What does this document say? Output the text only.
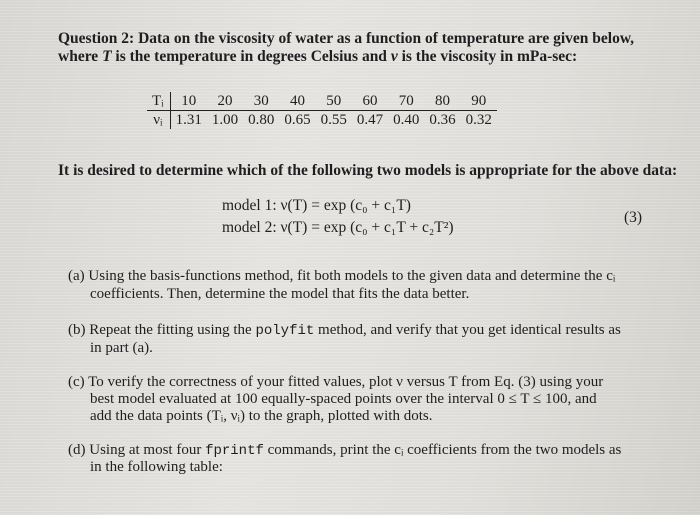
Question 2: Data on the viscosity of water as a function of temperature are given below,
where T is the temperature in degrees Celsius and ν is the viscosity in mPa-sec:
Tᵢ	10	20	30	40	50	60	70	80	90
νᵢ	1.31	1.00	0.80	0.65	0.55	0.47	0.40	0.36	0.32
It is desired to determine which of the following two models is appropriate for the above data:
model 1: ν(T) = exp (c₀ + c₁T)
model 2: ν(T) = exp (c₀ + c₁T + c₂T²)
(3)
(a) Using the basis-functions method, fit both models to the given data and determine the cᵢ
coefficients. Then, determine the model that fits the data better.
(b) Repeat the fitting using the polyfit method, and verify that you get identical results as
in part (a).
(c) To verify the correctness of your fitted values, plot ν versus T from Eq. (3) using your
best model evaluated at 100 equally-spaced points over the interval 0 ≤ T ≤ 100, and
add the data points (Tᵢ, νᵢ) to the graph, plotted with dots.
(d) Using at most four fprintf commands, print the cᵢ coefficients from the two models as
in the following table:
